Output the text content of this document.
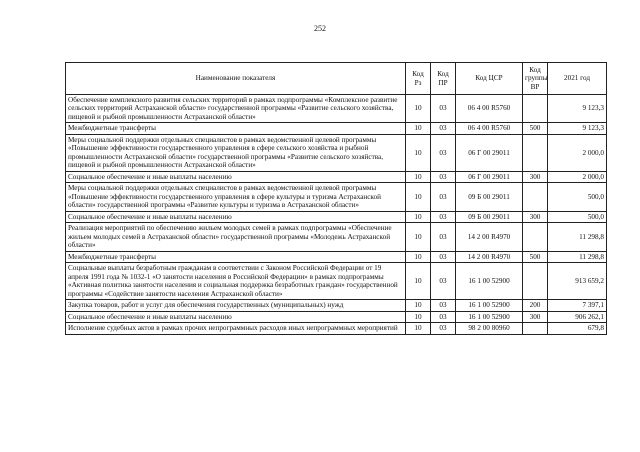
252
Наименование показателя	Код Рз	Код ПР	Код ЦСР	Код группы ВР	2021 год
Обеспечение комплексного развития сельских территорий в рамках подпрограммы «Комплексное развитие сельских территорий Астраханской области» государственной программы «Развитие сельского хозяйства, пищевой и рыбной промышленности Астраханской области»	10	03	06 4 00 R5760		9 123,3
Межбюджетные трансферты	10	03	06 4 00 R5760	500	9 123,3
Меры социальной поддержки отдельных специалистов в рамках ведомственной целевой программы «Повышение эффективности государственного управления в сфере сельского хозяйства и рыбной промышленности Астраханской области» государственной программы «Развитие сельского хозяйства, пищевой и рыбной промышленности Астраханской области»	10	03	06 Г 00 29011		2 000,0
Социальное обеспечение и иные выплаты населению	10	03	06 Г 00 29011	300	2 000,0
Меры социальной поддержки отдельных специалистов в рамках ведомственной целевой программы «Повышение эффективности государственного управления в сфере культуры и туризма Астраханской области» государственной программы «Развитие культуры и туризма в Астраханской области»	10	03	09 Б 00 29011		500,0
Социальное обеспечение и иные выплаты населению	10	03	09 Б 00 29011	300	500,0
Реализация мероприятий по обеспечению жильем молодых семей в рамках подпрограммы «Обеспечение жильем молодых семей в Астраханской области» государственной программы «Молодежь Астраханской области»	10	03	14 2 00 R4970		11 298,8
Межбюджетные трансферты	10	03	14 2 00 R4970	500	11 298,8
Социальные выплаты безработным гражданам в соответствии с Законом Российской Федерации от 19 апреля 1991 года № 1032-1 «О занятости населения в Российской Федерации» в рамках подпрограммы «Активная политика занятости населения и социальная поддержка безработных граждан» государственной программы «Содействие занятости населения Астраханской области»	10	03	16 1 00 52900		913 659,2
Закупка товаров, работ и услуг для обеспечения государственных (муниципальных) нужд	10	03	16 1 00 52900	200	7 397,1
Социальное обеспечение и иные выплаты населению	10	03	16 1 00 52900	300	906 262,1
Исполнение судебных актов в рамках прочих непрограммных расходов иных непрограммных мероприятий	10	03	98 2 00 80960		679,8
